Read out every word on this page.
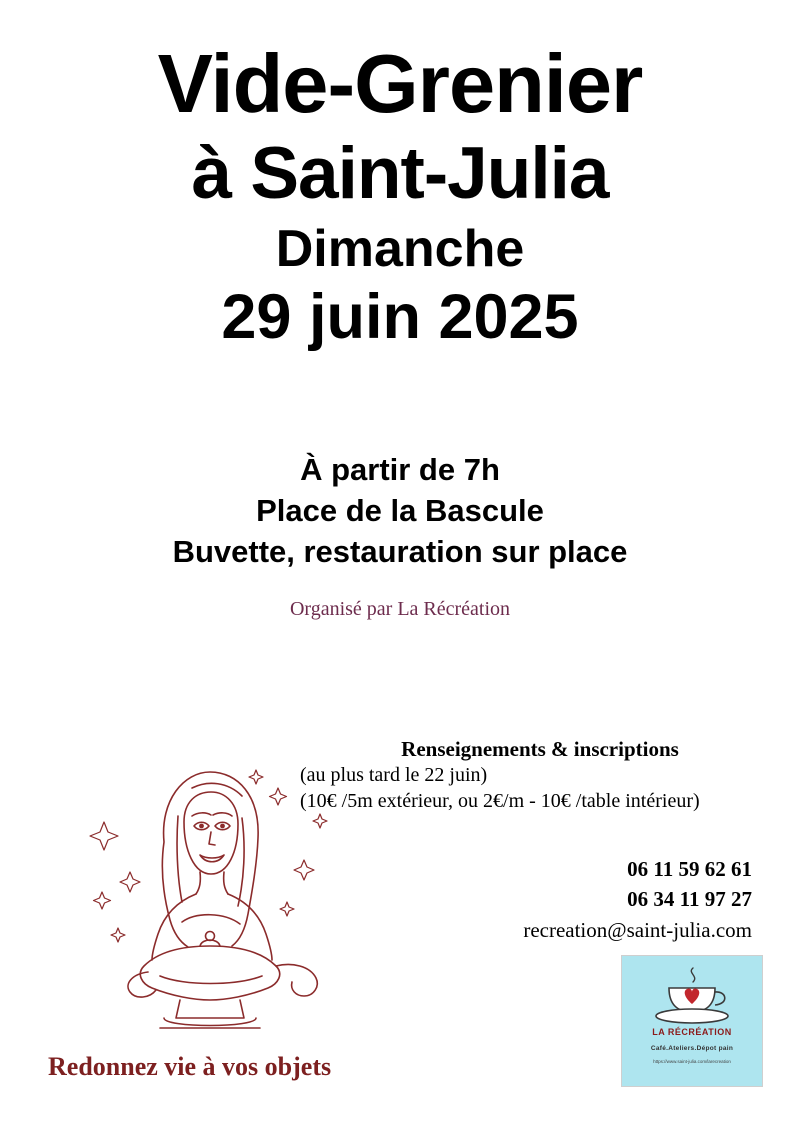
Vide-Grenier
à Saint-Julia
Dimanche
29 juin 2025
À partir de 7h
Place de la Bascule
Buvette, restauration sur place
Organisé par La Récréation
Renseignements & inscriptions
(au plus tard le 22 juin)
(10€ /5m extérieur, ou 2€/m - 10€ /table intérieur)
06 11 59 62 61
06 34 11 97 27
recreation@saint-julia.com
Redonnez vie à vos objets
LA RÉCRÉATION
Café.Ateliers.Dépot pain
https://www.saint-julia.com/larecreation
